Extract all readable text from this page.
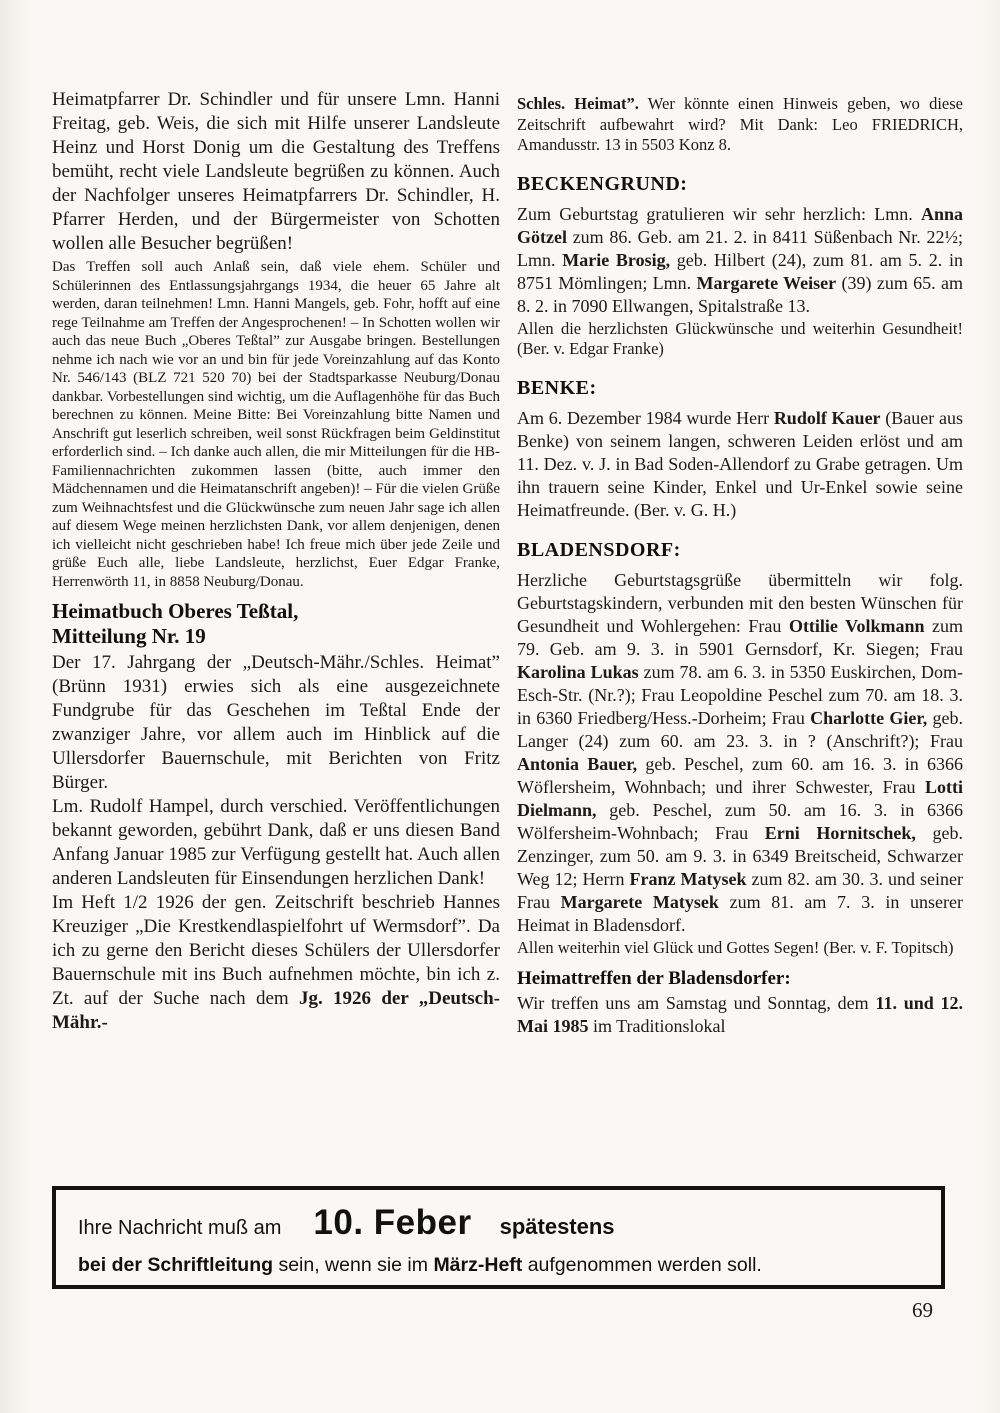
Heimatpfarrer Dr. Schindler und für unsere Lmn. Hanni Freitag, geb. Weis, die sich mit Hilfe unserer Landsleute Heinz und Horst Donig um die Gestaltung des Treffens bemüht, recht viele Landsleute begrüßen zu können. Auch der Nachfolger unseres Heimatpfarrers Dr. Schindler, H. Pfarrer Herden, und der Bürgermeister von Schotten wollen alle Besucher begrüßen!

Das Treffen soll auch Anlaß sein, daß viele ehem. Schüler und Schülerinnen des Entlassungsjahrgangs 1934, die heuer 65 Jahre alt werden, daran teilnehmen! Lmn. Hanni Mangels, geb. Fohr, hofft auf eine rege Teilnahme am Treffen der Angesprochenen! – In Schotten wollen wir auch das neue Buch „Oberes Teßtal” zur Ausgabe bringen. Bestellungen nehme ich nach wie vor an und bin für jede Voreinzahlung auf das Konto Nr. 546/143 (BLZ 721 520 70) bei der Stadtsparkasse Neuburg/Donau dankbar. Vorbestellungen sind wichtig, um die Auflagenhöhe für das Buch berechnen zu können. Meine Bitte: Bei Voreinzahlung bitte Namen und Anschrift gut leserlich schreiben, weil sonst Rückfragen beim Geldinstitut erforderlich sind. – Ich danke auch allen, die mir Mitteilungen für die HB-Familiennachrichten zukommen lassen (bitte, auch immer den Mädchennamen und die Heimatanschrift angeben)! – Für die vielen Grüße zum Weihnachtsfest und die Glückwünsche zum neuen Jahr sage ich allen auf diesem Wege meinen herzlichsten Dank, vor allem denjenigen, denen ich vielleicht nicht geschrieben habe! Ich freue mich über jede Zeile und grüße Euch alle, liebe Landsleute, herzlichst, Euer Edgar Franke, Herrenwörth 11, in 8858 Neuburg/Donau.

Heimatbuch Oberes Teßtal,
Mitteilung Nr. 19

Der 17. Jahrgang der „Deutsch-Mähr./Schles. Heimat” (Brünn 1931) erwies sich als eine ausgezeichnete Fundgrube für das Geschehen im Teßtal Ende der zwanziger Jahre, vor allem auch im Hinblick auf die Ullersdorfer Bauernschule, mit Berichten von Fritz Bürger.

Lm. Rudolf Hampel, durch verschied. Veröffentlichungen bekannt geworden, gebührt Dank, daß er uns diesen Band Anfang Januar 1985 zur Verfügung gestellt hat. Auch allen anderen Landsleuten für Einsendungen herzlichen Dank!

Im Heft 1/2 1926 der gen. Zeitschrift beschrieb Hannes Kreuziger „Die Krestkendlaspielfohrt uf Wermsdorf”. Da ich zu gerne den Bericht dieses Schülers der Ullersdorfer Bauernschule mit ins Buch aufnehmen möchte, bin ich z. Zt. auf der Suche nach dem Jg. 1926 der „Deutsch-Mähr.-

Schles. Heimat”. Wer könnte einen Hinweis geben, wo diese Zeitschrift aufbewahrt wird? Mit Dank: Leo FRIEDRICH, Amandusstr. 13 in 5503 Konz 8.

BECKENGRUND:

Zum Geburtstag gratulieren wir sehr herzlich: Lmn. Anna Götzel zum 86. Geb. am 21. 2. in 8411 Süßenbach Nr. 22½; Lmn. Marie Brosig, geb. Hilbert (24), zum 81. am 5. 2. in 8751 Mömlingen; Lmn. Margarete Weiser (39) zum 65. am 8. 2. in 7090 Ellwangen, Spitalstraße 13.

Allen die herzlichsten Glückwünsche und weiterhin Gesundheit! (Ber. v. Edgar Franke)

BENKE:

Am 6. Dezember 1984 wurde Herr Rudolf Kauer (Bauer aus Benke) von seinem langen, schweren Leiden erlöst und am 11. Dez. v. J. in Bad Soden-Allendorf zu Grabe getragen. Um ihn trauern seine Kinder, Enkel und Ur-Enkel sowie seine Heimatfreunde. (Ber. v. G. H.)

BLADENSDORF:

Herzliche Geburtstagsgrüße übermitteln wir folg. Geburtstagskindern, verbunden mit den besten Wünschen für Gesundheit und Wohlergehen: Frau Ottilie Volkmann zum 79. Geb. am 9. 3. in 5901 Gernsdorf, Kr. Siegen; Frau Karolina Lukas zum 78. am 6. 3. in 5350 Euskirchen, Dom-Esch-Str. (Nr.?); Frau Leopoldine Peschel zum 70. am 18. 3. in 6360 Friedberg/Hess.-Dorheim; Frau Charlotte Gier, geb. Langer (24) zum 60. am 23. 3. in ? (Anschrift?); Frau Antonia Bauer, geb. Peschel, zum 60. am 16. 3. in 6366 Wöflersheim, Wohnbach; und ihrer Schwester, Frau Lotti Dielmann, geb. Peschel, zum 50. am 16. 3. in 6366 Wölfersheim-Wohnbach; Frau Erni Hornitschek, geb. Zenzinger, zum 50. am 9. 3. in 6349 Breitscheid, Schwarzer Weg 12; Herrn Franz Matysek zum 82. am 30. 3. und seiner Frau Margarete Matysek zum 81. am 7. 3. in unserer Heimat in Bladensdorf.

Allen weiterhin viel Glück und Gottes Segen! (Ber. v. F. Topitsch)

Heimattreffen der Bladensdorfer:

Wir treffen uns am Samstag und Sonntag, dem 11. und 12. Mai 1985 im Traditionslokal

Ihre Nachricht muß am 10. Feber spätestens
bei der Schriftleitung sein, wenn sie im März-Heft aufgenommen werden soll.
69
